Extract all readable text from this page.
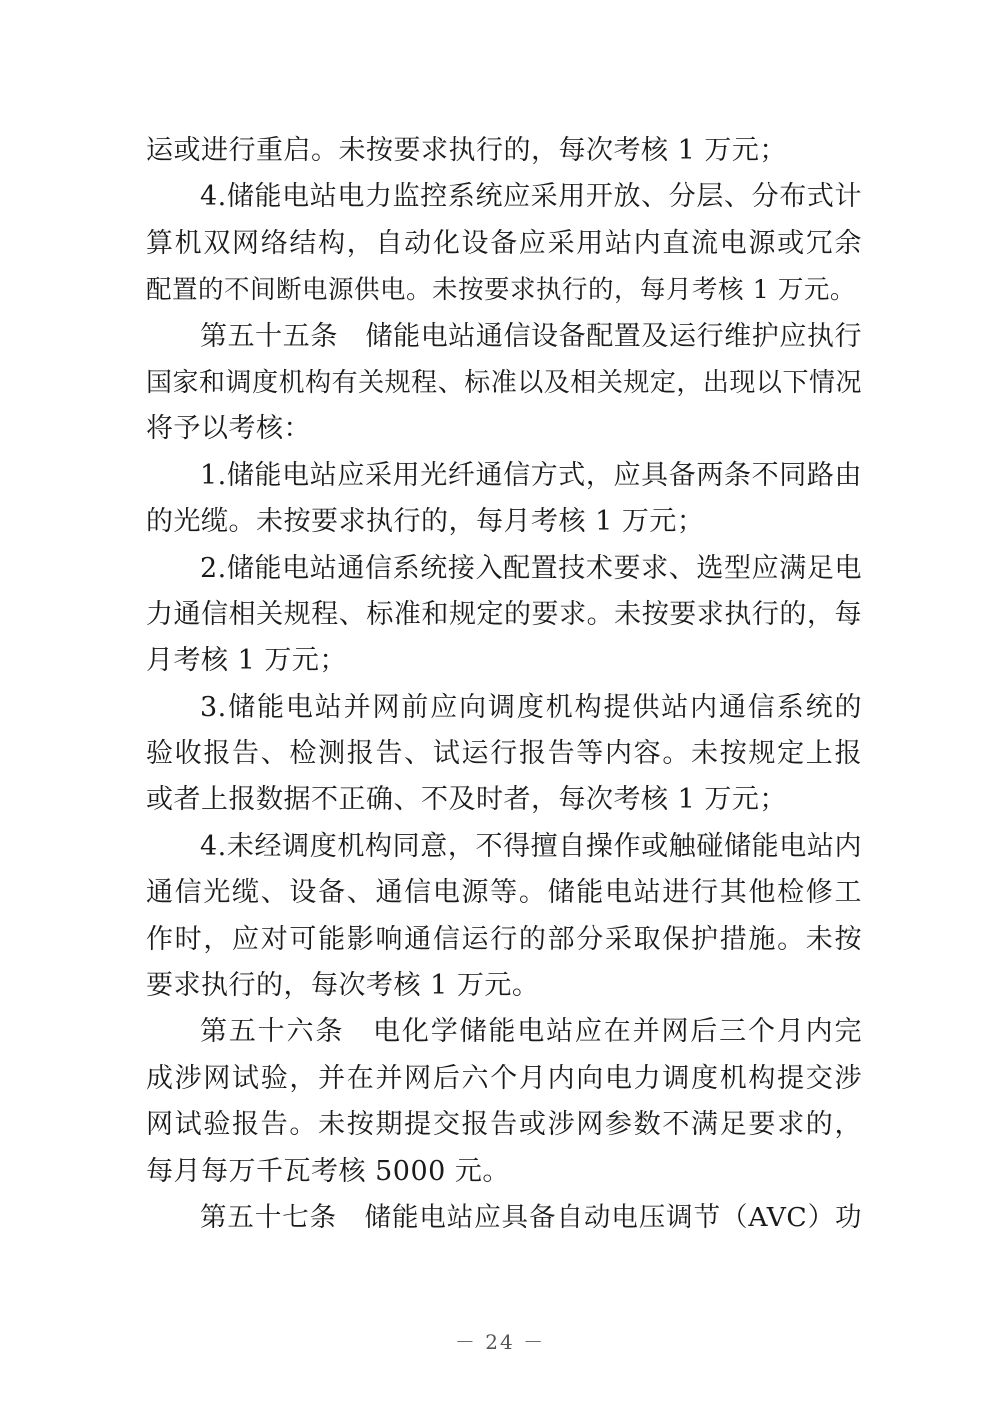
运或进行重启。未按要求执行的，每次考核 1 万元；
4.储能电站电力监控系统应采用开放、分层、分布式计
算机双网络结构，自动化设备应采用站内直流电源或冗余
配置的不间断电源供电。未按要求执行的，每月考核 1 万元。
第五十五条　储能电站通信设备配置及运行维护应执行
国家和调度机构有关规程、标准以及相关规定，出现以下情况
将予以考核：
1.储能电站应采用光纤通信方式，应具备两条不同路由
的光缆。未按要求执行的，每月考核 1 万元；
2.储能电站通信系统接入配置技术要求、选型应满足电
力通信相关规程、标准和规定的要求。未按要求执行的，每
月考核 1 万元；
3.储能电站并网前应向调度机构提供站内通信系统的
验收报告、检测报告、试运行报告等内容。未按规定上报
或者上报数据不正确、不及时者，每次考核 1 万元；
4.未经调度机构同意，不得擅自操作或触碰储能电站内
通信光缆、设备、通信电源等。储能电站进行其他检修工
作时，应对可能影响通信运行的部分采取保护措施。未按
要求执行的，每次考核 1 万元。
第五十六条　电化学储能电站应在并网后三个月内完
成涉网试验，并在并网后六个月内向电力调度机构提交涉
网试验报告。未按期提交报告或涉网参数不满足要求的，
每月每万千瓦考核 5000 元。
第五十七条　储能电站应具备自动电压调节（AVC）功
－ 24 －
